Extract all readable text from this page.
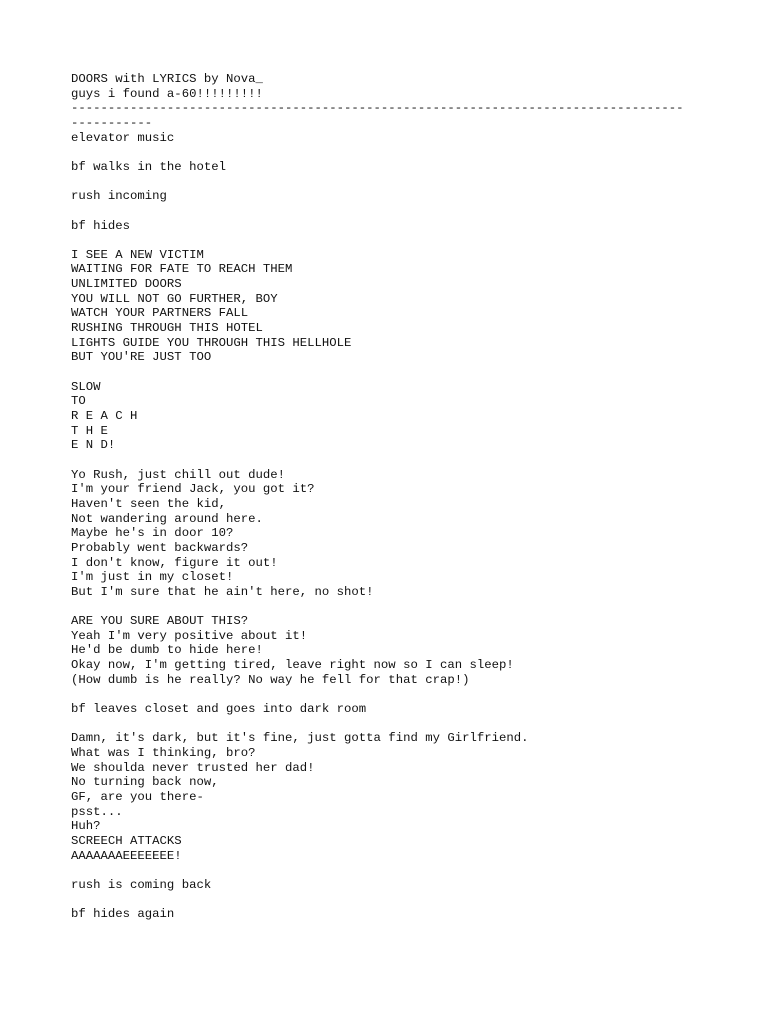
DOORS with LYRICS by Nova_
guys i found a-60!!!!!!!!!
-----------------------------------------------------------------------------------
-----------
elevator music
bf walks in the hotel
rush incoming
bf hides
I SEE A NEW VICTIM
WAITING FOR FATE TO REACH THEM
UNLIMITED DOORS
YOU WILL NOT GO FURTHER, BOY
WATCH YOUR PARTNERS FALL
RUSHING THROUGH THIS HOTEL
LIGHTS GUIDE YOU THROUGH THIS HELLHOLE
BUT YOU'RE JUST TOO
SLOW
TO
R E A C H
T H E
E N D!
Yo Rush, just chill out dude!
I'm your friend Jack, you got it?
Haven't seen the kid,
Not wandering around here.
Maybe he's in door 10?
Probably went backwards?
I don't know, figure it out!
I'm just in my closet!
But I'm sure that he ain't here, no shot!
ARE YOU SURE ABOUT THIS?
Yeah I'm very positive about it!
He'd be dumb to hide here!
Okay now, I'm getting tired, leave right now so I can sleep!
(How dumb is he really? No way he fell for that crap!)
bf leaves closet and goes into dark room
Damn, it's dark, but it's fine, just gotta find my Girlfriend.
What was I thinking, bro?
We shoulda never trusted her dad!
No turning back now,
GF, are you there-
psst...
Huh?
SCREECH ATTACKS
AAAAAAAEEEEEEE!
rush is coming back
bf hides again
